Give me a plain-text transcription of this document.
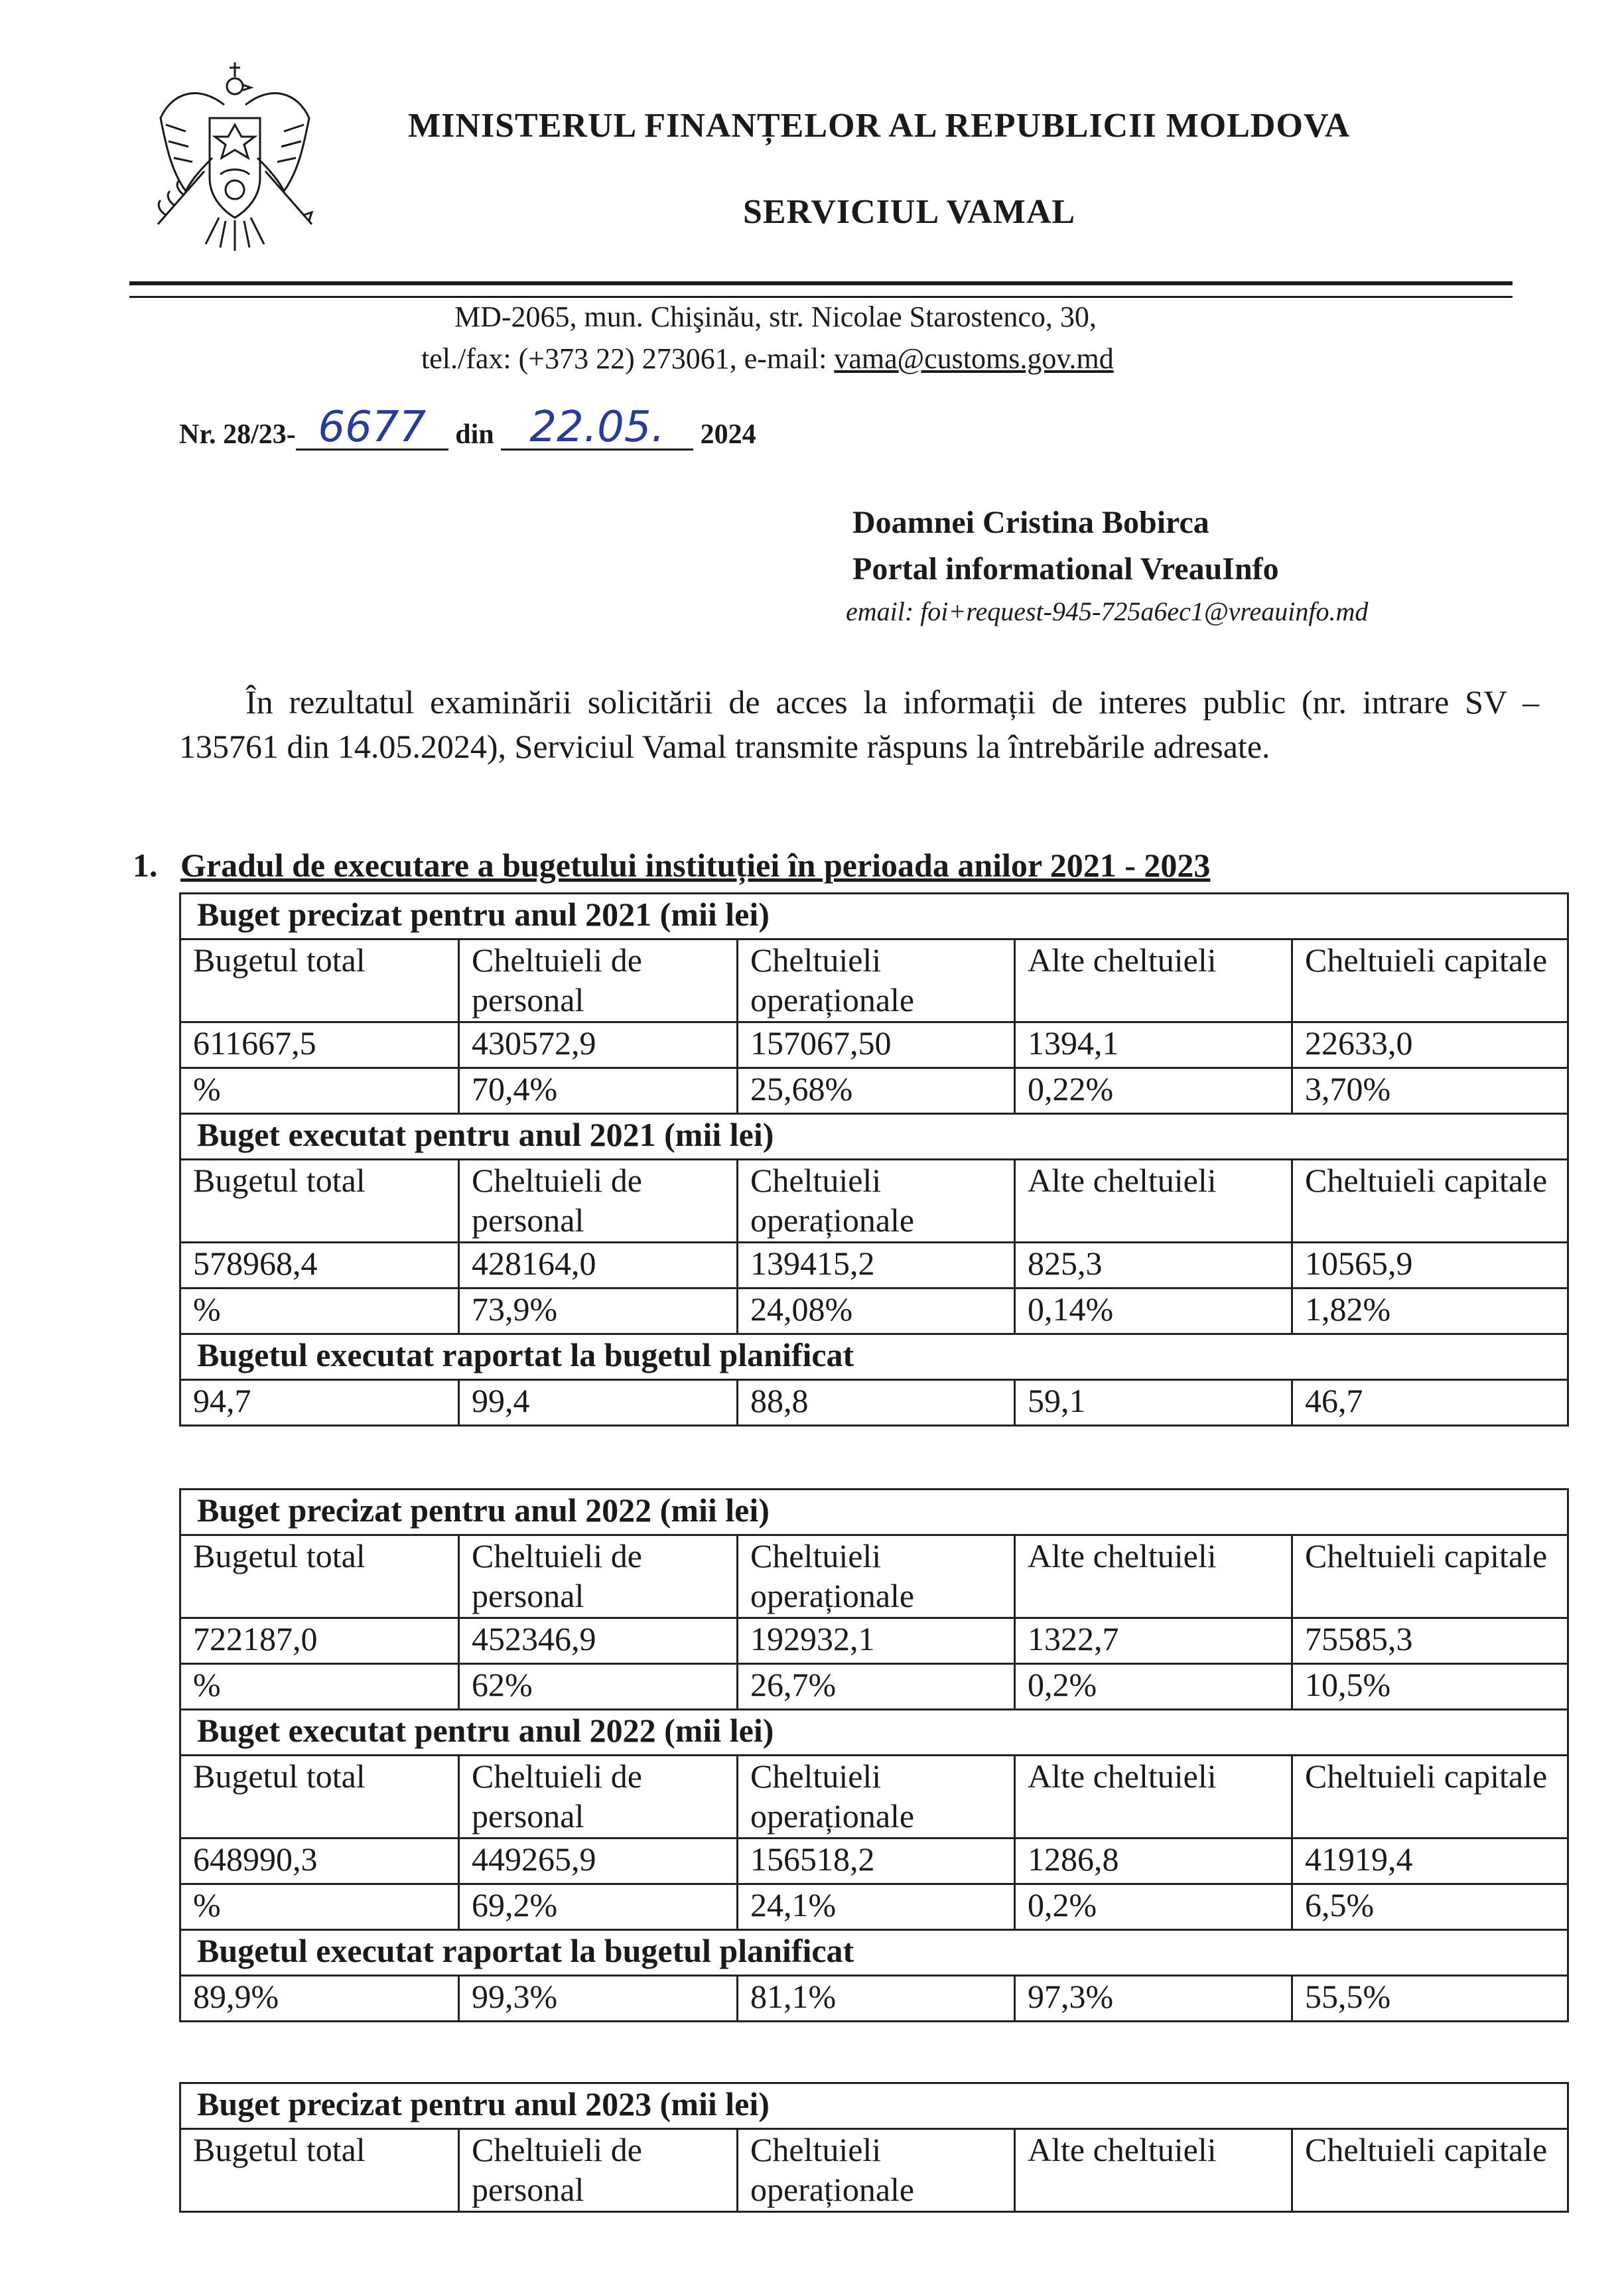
MINISTERUL FINANȚELOR AL REPUBLICII MOLDOVA
SERVICIUL VAMAL
MD-2065, mun. Chişinău, str. Nicolae Starostenco, 30,
tel./fax: (+373 22) 273061, e-mail: vama@customs.gov.md
Nr. 28/23- 6677 din 22.05. 2024
Doamnei Cristina Bobirca
Portal informational VreauInfo
email: foi+request-945-725a6ec1@vreauinfo.md
În rezultatul examinării solicitării de acces la informații de interes public (nr. intrare SV – 135761 din 14.05.2024), Serviciul Vamal transmite răspuns la întrebările adresate.
1. Gradul de executare a bugetului instituției în perioada anilor 2021 - 2023
Buget precizat pentru anul 2021 (mii lei)				
Bugetul total	Cheltuieli de personal	Cheltuieli operaționale	Alte cheltuieli	Cheltuieli capitale
611667,5	430572,9	157067,50	1394,1	22633,0
%	70,4%	25,68%	0,22%	3,70%
Buget executat pentru anul 2021 (mii lei)				
Bugetul total	Cheltuieli de personal	Cheltuieli operaționale	Alte cheltuieli	Cheltuieli capitale
578968,4	428164,0	139415,2	825,3	10565,9
%	73,9%	24,08%	0,14%	1,82%
Bugetul executat raportat la bugetul planificat				
94,7	99,4	88,8	59,1	46,7
Buget precizat pentru anul 2022 (mii lei)				
Bugetul total	Cheltuieli de personal	Cheltuieli operaționale	Alte cheltuieli	Cheltuieli capitale
722187,0	452346,9	192932,1	1322,7	75585,3
%	62%	26,7%	0,2%	10,5%
Buget executat pentru anul 2022 (mii lei)				
Bugetul total	Cheltuieli de personal	Cheltuieli operaționale	Alte cheltuieli	Cheltuieli capitale
648990,3	449265,9	156518,2	1286,8	41919,4
%	69,2%	24,1%	0,2%	6,5%
Bugetul executat raportat la bugetul planificat				
89,9%	99,3%	81,1%	97,3%	55,5%
Buget precizat pentru anul 2023 (mii lei)
Bugetul total	Cheltuieli de personal	Cheltuieli operaționale	Alte cheltuieli	Cheltuieli capitale
